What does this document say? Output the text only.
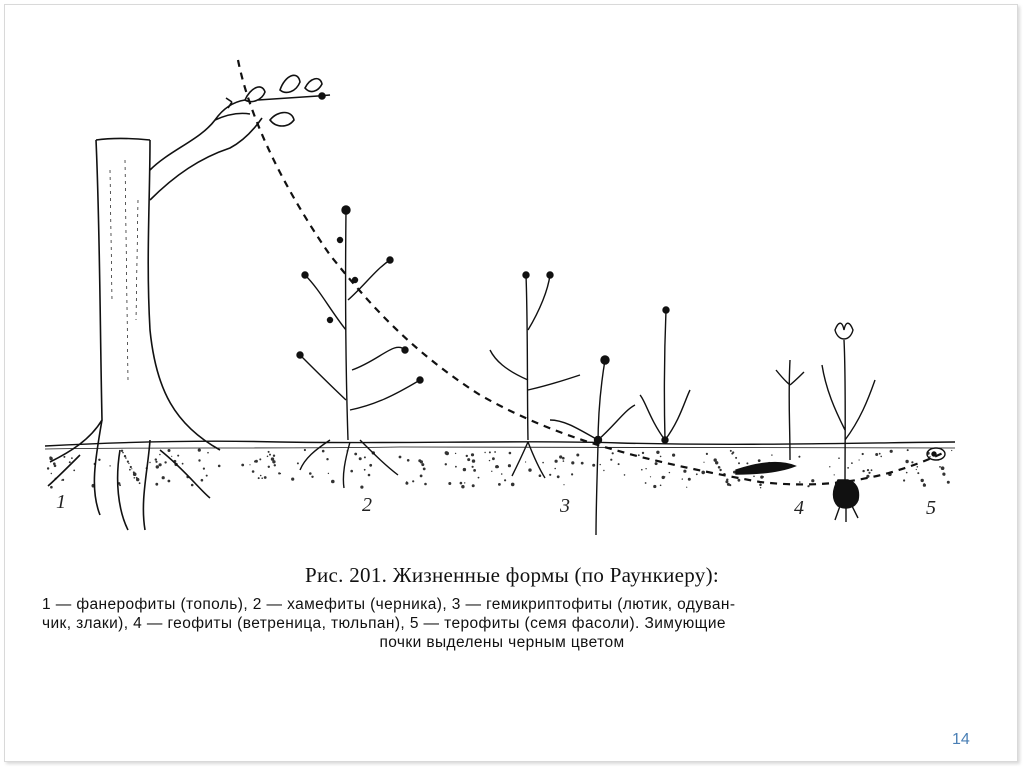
1	2	3	4	5
Рис. 201. Жизненные формы (по Раункиеру):
1 — фанерофиты (тополь), 2 — хамефиты (черника), 3 — гемикриптофиты (лютик, одуван-
чик, злаки), 4 — геофиты (ветреница, тюльпан), 5 — терофиты (семя фасоли). Зимующие
почки выделены черным цветом
14
